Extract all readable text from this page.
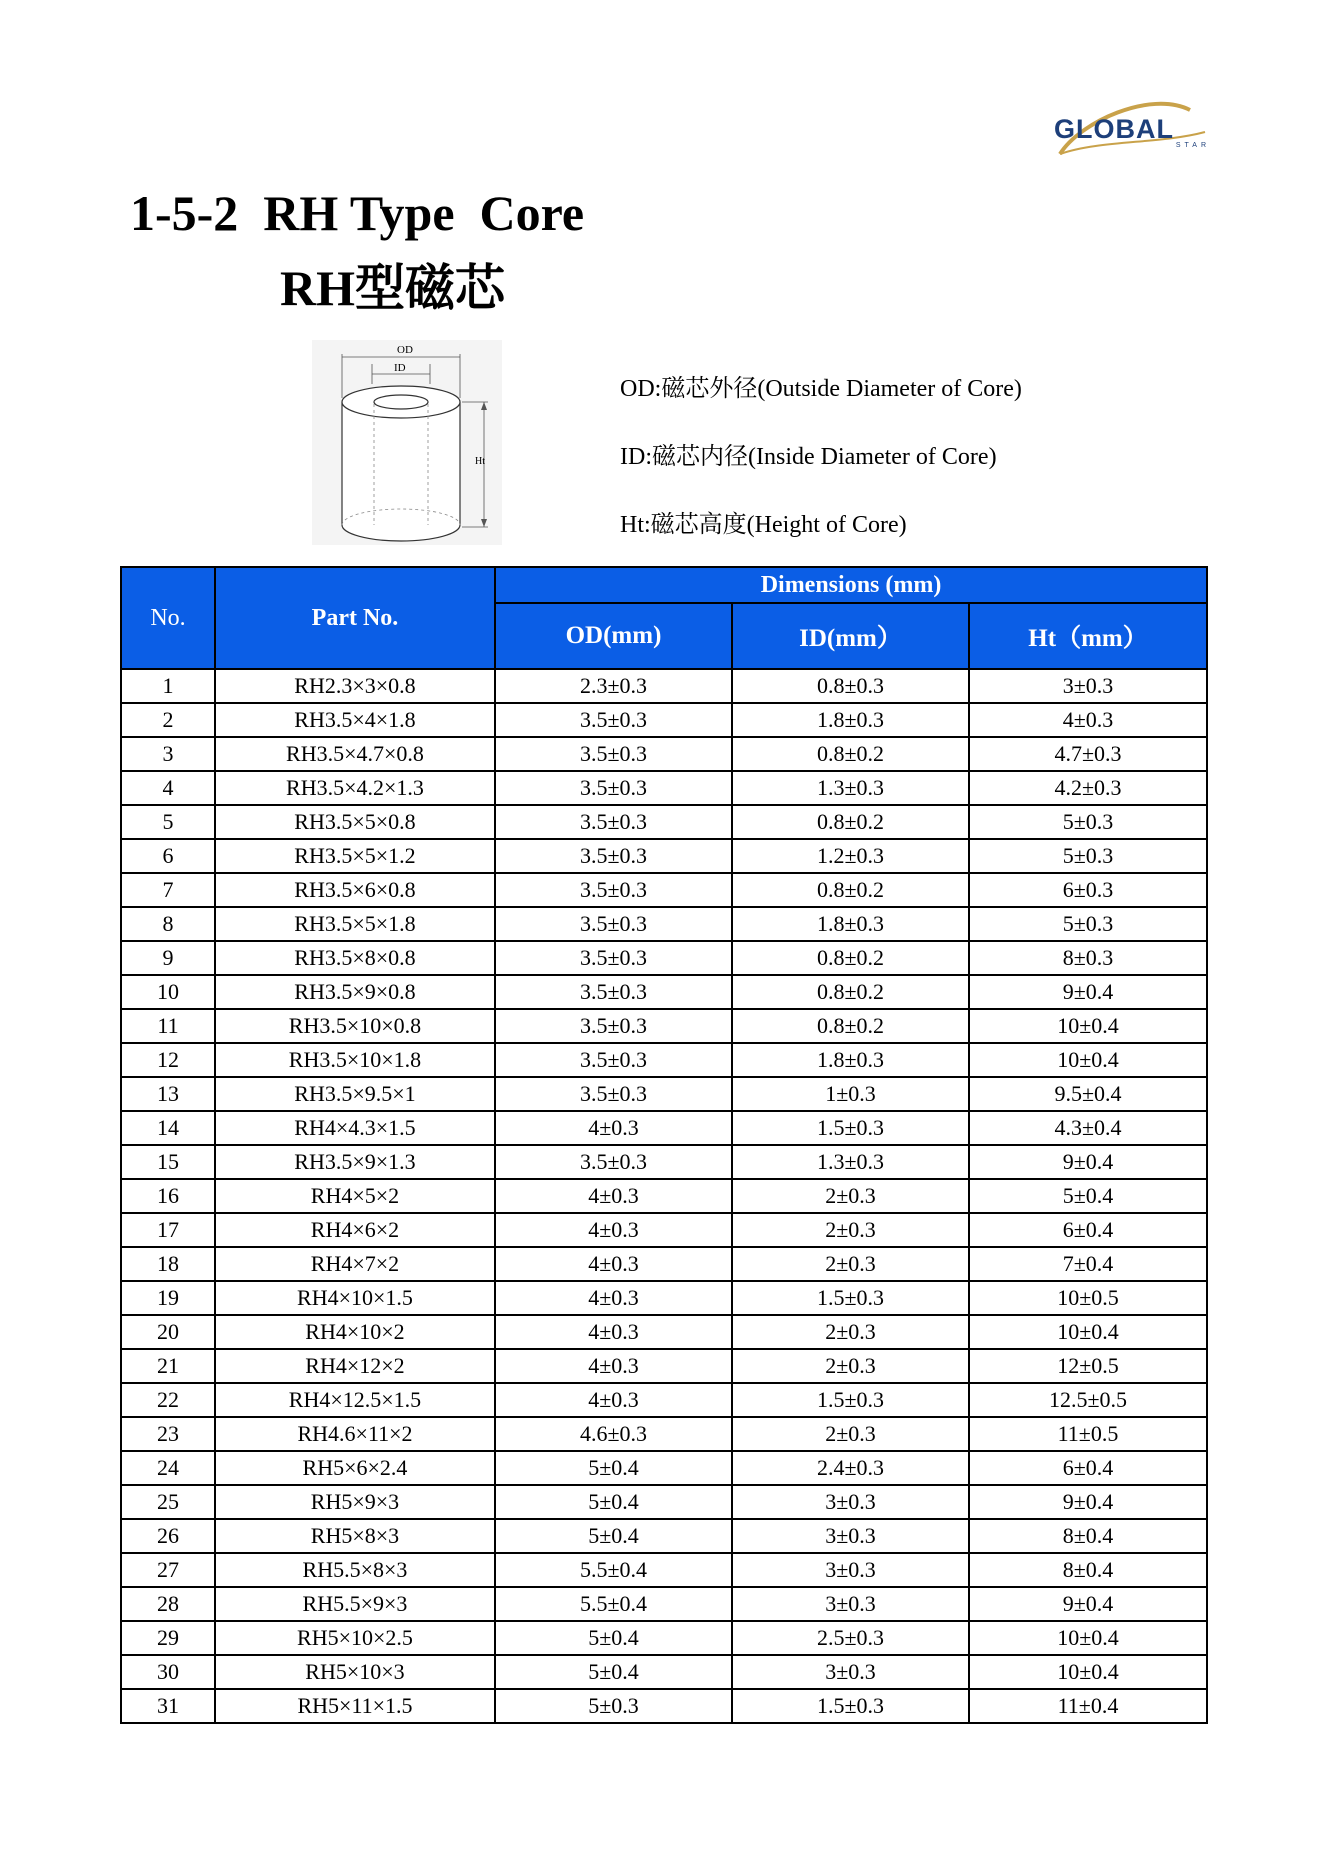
GLOBAL
STAR
1-5-2  RH Type  Core
RH型磁芯
OD
ID
Ht
OD:磁芯外径(Outside Diameter of Core)
ID:磁芯内径(Inside Diameter of Core)
Ht:磁芯高度(Height of Core)
No.	Part No.	Dimensions (mm)		
		OD(mm)	ID(mm）	Ht（mm）
1	RH2.3×3×0.8	2.3±0.3	0.8±0.3	3±0.3
2	RH3.5×4×1.8	3.5±0.3	1.8±0.3	4±0.3
3	RH3.5×4.7×0.8	3.5±0.3	0.8±0.2	4.7±0.3
4	RH3.5×4.2×1.3	3.5±0.3	1.3±0.3	4.2±0.3
5	RH3.5×5×0.8	3.5±0.3	0.8±0.2	5±0.3
6	RH3.5×5×1.2	3.5±0.3	1.2±0.3	5±0.3
7	RH3.5×6×0.8	3.5±0.3	0.8±0.2	6±0.3
8	RH3.5×5×1.8	3.5±0.3	1.8±0.3	5±0.3
9	RH3.5×8×0.8	3.5±0.3	0.8±0.2	8±0.3
10	RH3.5×9×0.8	3.5±0.3	0.8±0.2	9±0.4
11	RH3.5×10×0.8	3.5±0.3	0.8±0.2	10±0.4
12	RH3.5×10×1.8	3.5±0.3	1.8±0.3	10±0.4
13	RH3.5×9.5×1	3.5±0.3	1±0.3	9.5±0.4
14	RH4×4.3×1.5	4±0.3	1.5±0.3	4.3±0.4
15	RH3.5×9×1.3	3.5±0.3	1.3±0.3	9±0.4
16	RH4×5×2	4±0.3	2±0.3	5±0.4
17	RH4×6×2	4±0.3	2±0.3	6±0.4
18	RH4×7×2	4±0.3	2±0.3	7±0.4
19	RH4×10×1.5	4±0.3	1.5±0.3	10±0.5
20	RH4×10×2	4±0.3	2±0.3	10±0.4
21	RH4×12×2	4±0.3	2±0.3	12±0.5
22	RH4×12.5×1.5	4±0.3	1.5±0.3	12.5±0.5
23	RH4.6×11×2	4.6±0.3	2±0.3	11±0.5
24	RH5×6×2.4	5±0.4	2.4±0.3	6±0.4
25	RH5×9×3	5±0.4	3±0.3	9±0.4
26	RH5×8×3	5±0.4	3±0.3	8±0.4
27	RH5.5×8×3	5.5±0.4	3±0.3	8±0.4
28	RH5.5×9×3	5.5±0.4	3±0.3	9±0.4
29	RH5×10×2.5	5±0.4	2.5±0.3	10±0.4
30	RH5×10×3	5±0.4	3±0.3	10±0.4
31	RH5×11×1.5	5±0.3	1.5±0.3	11±0.4
